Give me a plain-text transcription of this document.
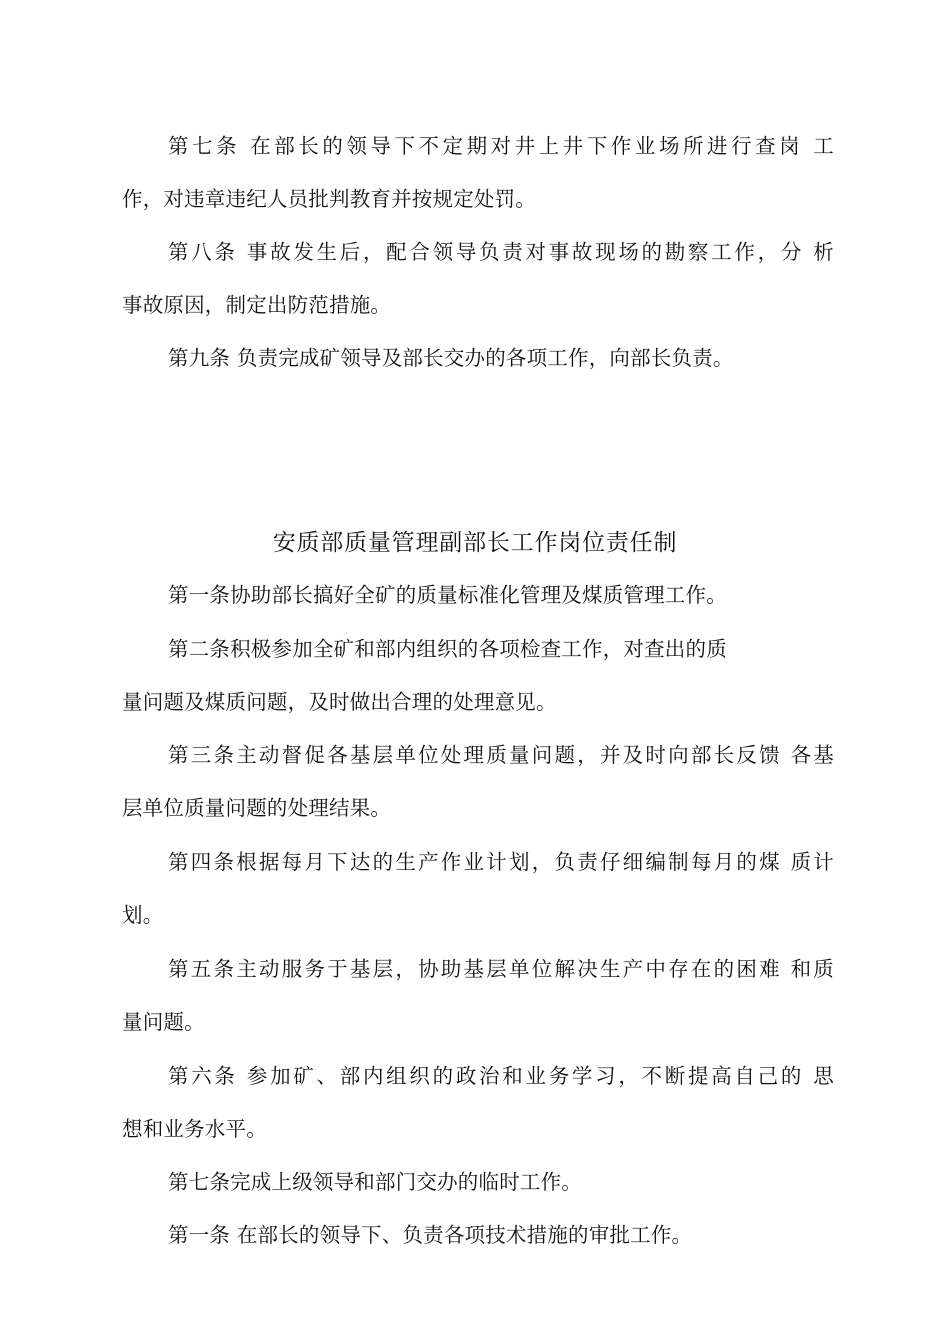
第七条 在部长的领导下不定期对井上井下作业场所进行查岗 工
作，对违章违纪人员批判教育并按规定处罚。
第八条 事故发生后，配合领导负责对事故现场的勘察工作，分 析
事故原因，制定出防范措施。
第九条 负责完成矿领导及部长交办的各项工作，向部长负责。
安质部质量管理副部长工作岗位责任制
第一条协助部长搞好全矿的质量标准化管理及煤质管理工作。
第二条积极参加全矿和部内组织的各项检查工作，对查出的质
量问题及煤质问题，及时做出合理的处理意见。
第三条主动督促各基层单位处理质量问题，并及时向部长反馈 各基
层单位质量问题的处理结果。
第四条根据每月下达的生产作业计划，负责仔细编制每月的煤 质计
划。
第五条主动服务于基层，协助基层单位解决生产中存在的困难 和质
量问题。
第六条 参加矿、部内组织的政治和业务学习，不断提高自己的 思
想和业务水平。
第七条完成上级领导和部门交办的临时工作。
第一条 在部长的领导下、负责各项技术措施的审批工作。
